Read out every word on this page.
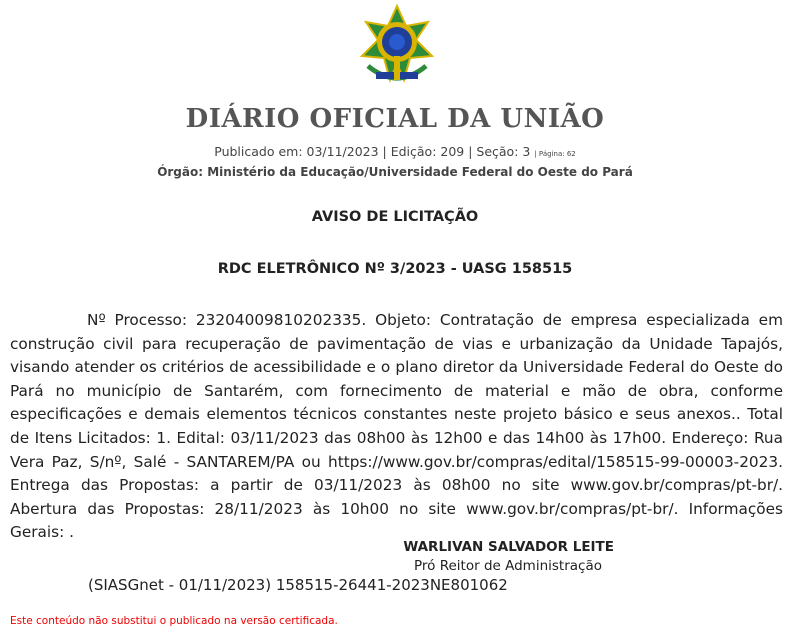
DIÁRIO OFICIAL DA UNIÃO
Publicado em: 03/11/2023 | Edição: 209 | Seção: 3 | Página: 62
Órgão: Ministério da Educação/Universidade Federal do Oeste do Pará
AVISO DE LICITAÇÃO
RDC ELETRÔNICO Nº 3/2023 - UASG 158515
Nº Processo: 23204009810202335. Objeto: Contratação de empresa especializada em construção civil para recuperação de pavimentação de vias e urbanização da Unidade Tapajós, visando atender os critérios de acessibilidade e o plano diretor da Universidade Federal do Oeste do Pará no município de Santarém, com fornecimento de material e mão de obra, conforme especificações e demais elementos técnicos constantes neste projeto básico e seus anexos.. Total de Itens Licitados: 1. Edital: 03/11/2023 das 08h00 às 12h00 e das 14h00 às 17h00. Endereço: Rua Vera Paz, S/nº, Salé - SANTAREM/PA ou https://www.gov.br/compras/edital/158515-99-00003-2023. Entrega das Propostas: a partir de 03/11/2023 às 08h00 no site www.gov.br/compras/pt-br/. Abertura das Propostas: 28/11/2023 às 10h00 no site www.gov.br/compras/pt-br/. Informações Gerais: .
WARLIVAN SALVADOR LEITE
Pró Reitor de Administração
(SIASGnet - 01/11/2023) 158515-26441-2023NE801062
Este conteúdo não substitui o publicado na versão certificada.
